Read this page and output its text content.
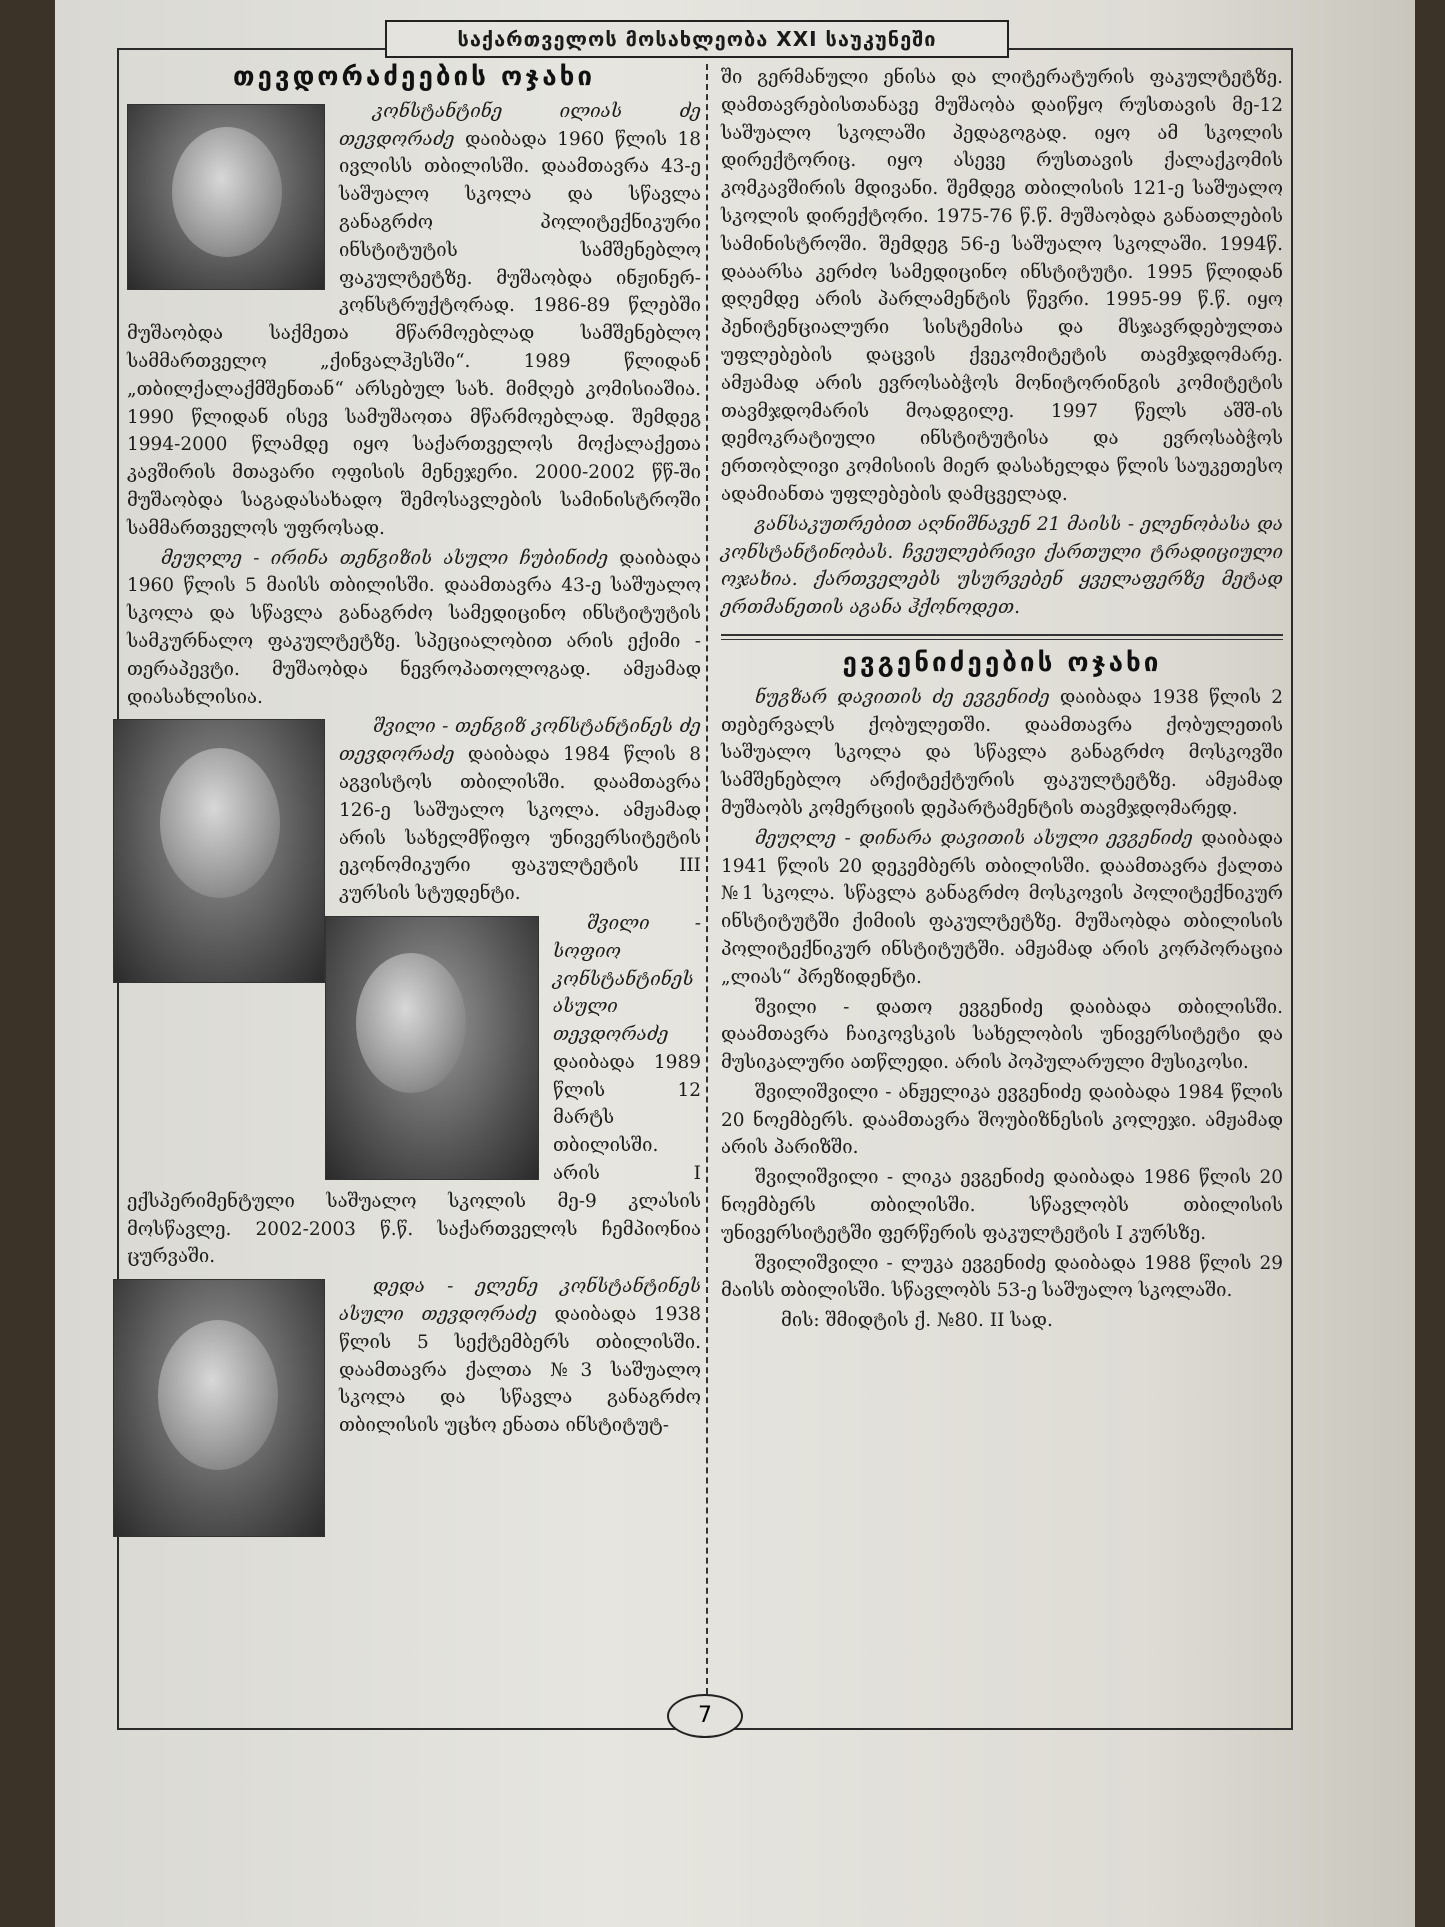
საქართველოს მოსახლეობა XXI საუკუნეში
თევდორაძეების ოჯახი

კონსტანტინე ილიას ძე თევდორაძე დაიბადა 1960 წლის 18 ივლისს თბილისში. დაამთავრა 43-ე საშუალო სკოლა და სწავლა განაგრძო პოლიტექნიკური ინსტიტუტის სამშენებლო ფაკულტეტზე. მუშაობდა ინჟინერ-კონსტრუქტორად. 1986-89 წლებში მუშაობდა საქმეთა მწარმოებლად სამშენებლო სამმართველო „ქინვალჰესში“. 1989 წლიდან „თბილქალაქმშენთან“ არსებულ სახ. მიმღებ კომისიაშია. 1990 წლიდან ისევ სამუშაოთა მწარმოებლად. შემდეგ 1994-2000 წლამდე იყო საქართველოს მოქალაქეთა კავშირის მთავარი ოფისის მენეჯერი. 2000-2002 წწ-ში მუშაობდა საგადასახადო შემოსავლების სამინისტროში სამმართველოს უფროსად.

მეუღლე - ირინა თენგიზის ასული ჩუბინიძე დაიბადა 1960 წლის 5 მაისს თბილისში. დაამთავრა 43-ე საშუალო სკოლა და სწავლა განაგრძო სამედიცინო ინსტიტუტის სამკურნალო ფაკულტეტზე. სპეციალობით არის ექიმი - თერაპევტი. მუშაობდა ნევროპათოლოგად. ამჟამად დიასახლისია.

შვილი - თენგიზ კონსტანტინეს ძე თევდორაძე დაიბადა 1984 წლის 8 აგვისტოს თბილისში. დაამთავრა 126-ე საშუალო სკოლა. ამჟამად არის სახელმწიფო უნივერსიტეტის ეკონომიკური ფაკულტეტის III კურსის სტუდენტი.

შვილი - სოფიო კონსტანტინეს ასული თევდორაძე დაიბადა 1989 წლის 12 მარტს თბილისში. არის I ექსპერიმენტული საშუალო სკოლის მე-9 კლასის მოსწავლე. 2002-2003 წ.წ. საქართველოს ჩემპიონია ცურვაში.

დედა - ელენე კონსტანტინეს ასული თევდორაძე დაიბადა 1938 წლის 5 სექტემბერს თბილისში. დაამთავრა ქალთა №3 საშუალო სკოლა და სწავლა განაგრძო თბილისის უცხო ენათა ინსტიტუტ-

ში გერმანული ენისა და ლიტერატურის ფაკულტეტზე. დამთავრებისთანავე მუშაობა დაიწყო რუსთავის მე-12 საშუალო სკოლაში პედაგოგად. იყო ამ სკოლის დირექტორიც. იყო ასევე რუსთავის ქალაქკომის კომკავშირის მდივანი. შემდეგ თბილისის 121-ე საშუალო სკოლის დირექტორი. 1975-76 წ.წ. მუშაობდა განათლების სამინისტროში. შემდეგ 56-ე საშუალო სკოლაში. 1994წ. დააარსა კერძო სამედიცინო ინსტიტუტი. 1995 წლიდან დღემდე არის პარლამენტის წევრი. 1995-99 წ.წ. იყო პენიტენციალური სისტემისა და მსჯავრდებულთა უფლებების დაცვის ქვეკომიტეტის თავმჯდომარე. ამჟამად არის ევროსაბჭოს მონიტორინგის კომიტეტის თავმჯდომარის მოადგილე. 1997 წელს აშშ-ის დემოკრატიული ინსტიტუტისა და ევროსაბჭოს ერთობლივი კომისიის მიერ დასახელდა წლის საუკეთესო ადამიანთა უფლებების დამცველად.

განსაკუთრებით აღნიშნავენ 21 მაისს - ელენობასა და კონსტანტინობას. ჩვეულებრივი ქართული ტრადიციული ოჯახია. ქართველებს უსურვებენ ყველაფერზე მეტად ერთმანეთის აგანა ჰქონოდეთ.

ევგენიძეების ოჯახი

ნუგზარ დავითის ძე ევგენიძე დაიბადა 1938 წლის 2 თებერვალს ქობულეთში. დაამთავრა ქობულეთის საშუალო სკოლა და სწავლა განაგრძო მოსკოვში სამშენებლო არქიტექტურის ფაკულტეტზე. ამჟამად მუშაობს კომერციის დეპარტამენტის თავმჯდომარედ.

მეუღლე - დინარა დავითის ასული ევგენიძე დაიბადა 1941 წლის 20 დეკემბერს თბილისში. დაამთავრა ქალთა №1 სკოლა. სწავლა განაგრძო მოსკოვის პოლიტექნიკურ ინსტიტუტში ქიმიის ფაკულტეტზე. მუშაობდა თბილისის პოლიტექნიკურ ინსტიტუტში. ამჟამად არის კორპორაცია „ლიას“ პრეზიდენტი.

შვილი - დათო ევგენიძე დაიბადა თბილისში. დაამთავრა ჩაიკოვსკის სახელობის უნივერსიტეტი და მუსიკალური ათწლედი. არის პოპულარული მუსიკოსი.

შვილიშვილი - ანჟელიკა ევგენიძე დაიბადა 1984 წლის 20 ნოემბერს. დაამთავრა შოუბიზნესის კოლეჯი. ამჟამად არის პარიზში.

შვილიშვილი - ლიკა ევგენიძე დაიბადა 1986 წლის 20 ნოემბერს თბილისში. სწავლობს თბილისის უნივერსიტეტში ფერწერის ფაკულტეტის I კურსზე.

შვილიშვილი - ლუკა ევგენიძე დაიბადა 1988 წლის 29 მაისს თბილისში. სწავლობს 53-ე საშუალო სკოლაში.

მის: შმიდტის ქ. №80. II სად.

7
